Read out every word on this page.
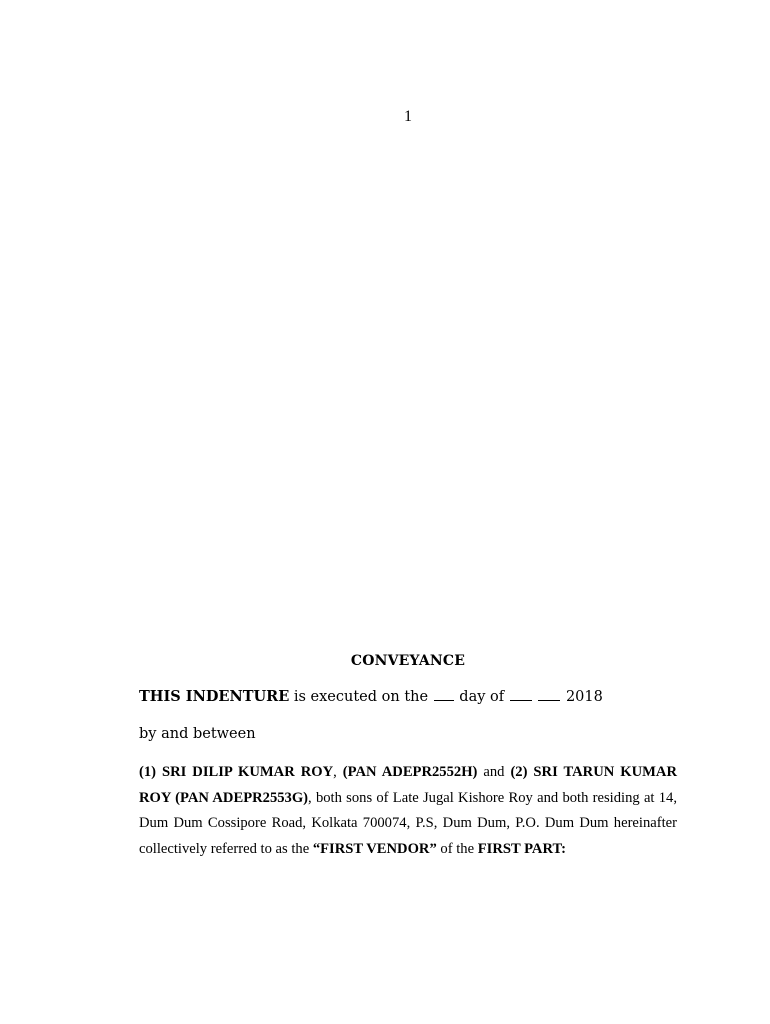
1
CONVEYANCE
THIS INDENTURE is executed on the day of	2018
by and between
(1) SRI DILIP KUMAR ROY, (PAN ADEPR2552H) and (2) SRI TARUN KUMAR ROY (PAN ADEPR2553G), both sons of Late Jugal Kishore Roy and both residing at 14, Dum Dum Cossipore Road, Kolkata 700074, P.S, Dum Dum, P.O. Dum Dum hereinafter collectively referred to as the “FIRST VENDOR” of the FIRST PART:
